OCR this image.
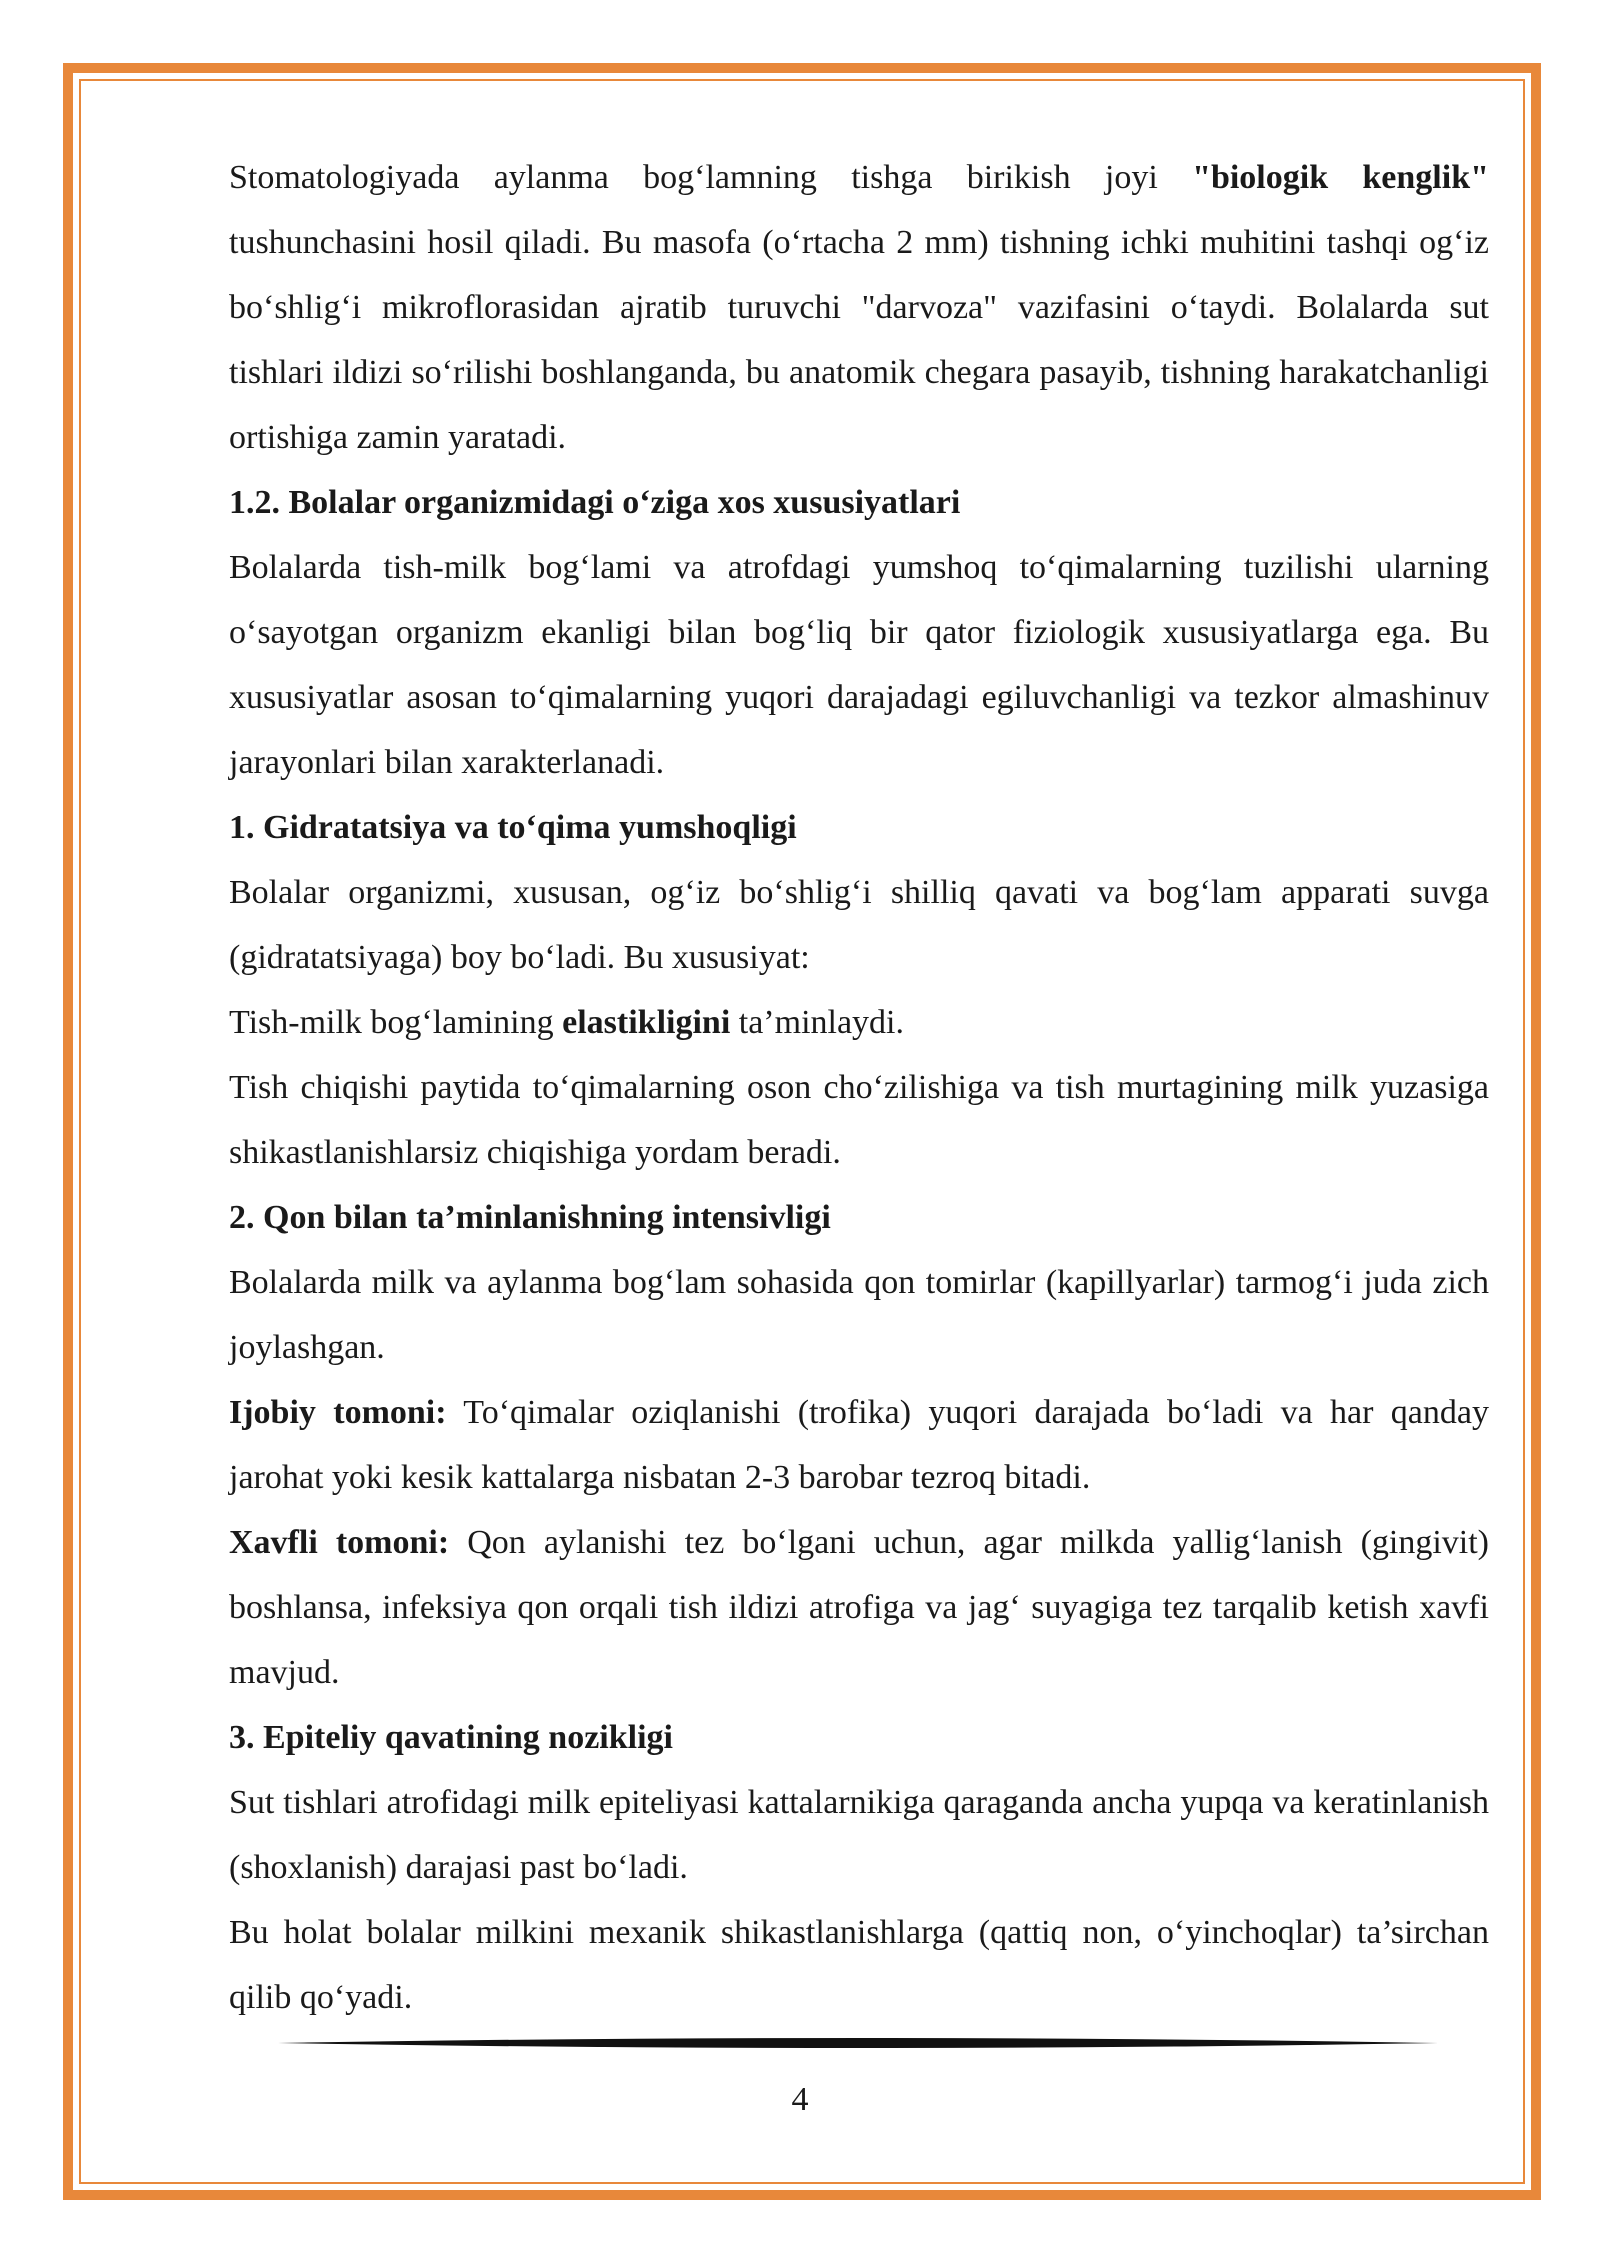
Stomatologiyada aylanma bog‘lamning tishga birikish joyi "biologik kenglik" tushunchasini hosil qiladi. Bu masofa (o‘rtacha 2 mm) tishning ichki muhitini tashqi og‘iz bo‘shlig‘i mikroflorasidan ajratib turuvchi "darvoza" vazifasini o‘taydi. Bolalarda sut tishlari ildizi so‘rilishi boshlanganda, bu anatomik chegara pasayib, tishning harakatchanligi ortishiga zamin yaratadi.

1.2. Bolalar organizmidagi o‘ziga xos xususiyatlari

Bolalarda tish-milk bog‘lami va atrofdagi yumshoq to‘qimalarning tuzilishi ularning o‘sayotgan organizm ekanligi bilan bog‘liq bir qator fiziologik xususiyatlarga ega. Bu xususiyatlar asosan to‘qimalarning yuqori darajadagi egiluvchanligi va tezkor almashinuv jarayonlari bilan xarakterlanadi.

1. Gidratatsiya va to‘qima yumshoqligi

Bolalar organizmi, xususan, og‘iz bo‘shlig‘i shilliq qavati va bog‘lam apparati suvga (gidratatsiyaga) boy bo‘ladi. Bu xususiyat:

Tish-milk bog‘lamining elastikligini ta’minlaydi.

Tish chiqishi paytida to‘qimalarning oson cho‘zilishiga va tish murtagining milk yuzasiga shikastlanishlarsiz chiqishiga yordam beradi.

2. Qon bilan ta’minlanishning intensivligi

Bolalarda milk va aylanma bog‘lam sohasida qon tomirlar (kapillyarlar) tarmog‘i juda zich joylashgan.

Ijobiy tomoni: To‘qimalar oziqlanishi (trofika) yuqori darajada bo‘ladi va har qanday jarohat yoki kesik kattalarga nisbatan 2-3 barobar tezroq bitadi.

Xavfli tomoni: Qon aylanishi tez bo‘lgani uchun, agar milkda yallig‘lanish (gingivit) boshlansa, infeksiya qon orqali tish ildizi atrofiga va jag‘ suyagiga tez tarqalib ketish xavfi mavjud.

3. Epiteliy qavatining nozikligi

Sut tishlari atrofidagi milk epiteliyasi kattalarnikiga qaraganda ancha yupqa va keratinlanish (shoxlanish) darajasi past bo‘ladi.

Bu holat bolalar milkini mexanik shikastlanishlarga (qattiq non, o‘yinchoqlar) ta’sirchan qilib qo‘yadi.

4
